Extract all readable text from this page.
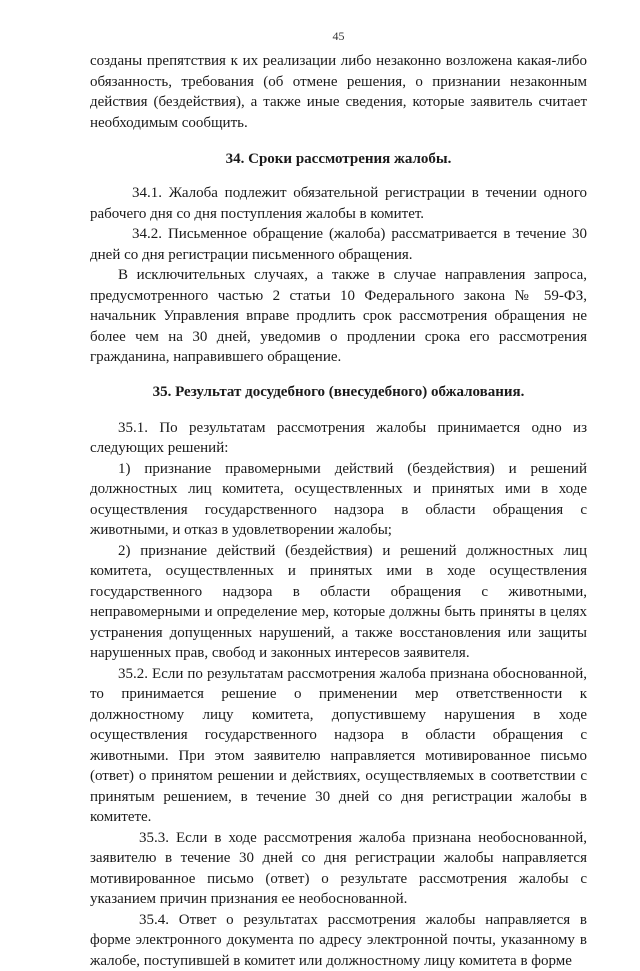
45

созданы препятствия к их реализации либо незаконно возложена какая-либо обязанность, требования (об отмене решения, о признании незаконным действия (бездействия), а также иные сведения, которые заявитель считает необходимым сообщить.

34. Сроки рассмотрения жалобы.

34.1. Жалоба подлежит обязательной регистрации в течении одного рабочего дня со дня поступления жалобы в комитет.

34.2. Письменное обращение (жалоба) рассматривается в течение 30 дней со дня регистрации письменного обращения.

В исключительных случаях, а также в случае направления запроса, предусмотренного частью 2 статьи 10 Федерального закона № 59-ФЗ, начальник Управления вправе продлить срок рассмотрения обращения не более чем на 30 дней, уведомив о продлении срока его рассмотрения гражданина, направившего обращение.

35. Результат досудебного (внесудебного) обжалования.

35.1. По результатам рассмотрения жалобы принимается одно из следующих решений:

1) признание правомерными действий (бездействия) и решений должностных лиц комитета, осуществленных и принятых ими в ходе осуществления государственного надзора в области обращения с животными, и отказ в удовлетворении жалобы;

2) признание действий (бездействия) и решений должностных лиц комитета, осуществленных и принятых ими в ходе осуществления государственного надзора в области обращения с животными, неправомерными и определение мер, которые должны быть приняты в целях устранения допущенных нарушений, а также восстановления или защиты нарушенных прав, свобод и законных интересов заявителя.

35.2. Если по результатам рассмотрения жалоба признана обоснованной, то принимается решение о применении мер ответственности к должностному лицу комитета, допустившему нарушения в ходе осуществления государственного надзора в области обращения с животными. При этом заявителю направляется мотивированное письмо (ответ) о принятом решении и действиях, осуществляемых в соответствии с принятым решением, в течение 30 дней со дня регистрации жалобы в комитете.

35.3. Если в ходе рассмотрения жалоба признана необоснованной, заявителю в течение 30 дней со дня регистрации жалобы направляется мотивированное письмо (ответ) о результате рассмотрения жалобы с указанием причин признания ее необоснованной.

35.4. Ответ о результатах рассмотрения жалобы направляется в форме электронного документа по адресу электронной почты, указанному в жалобе, поступившей в комитет или должностному лицу комитета в форме
